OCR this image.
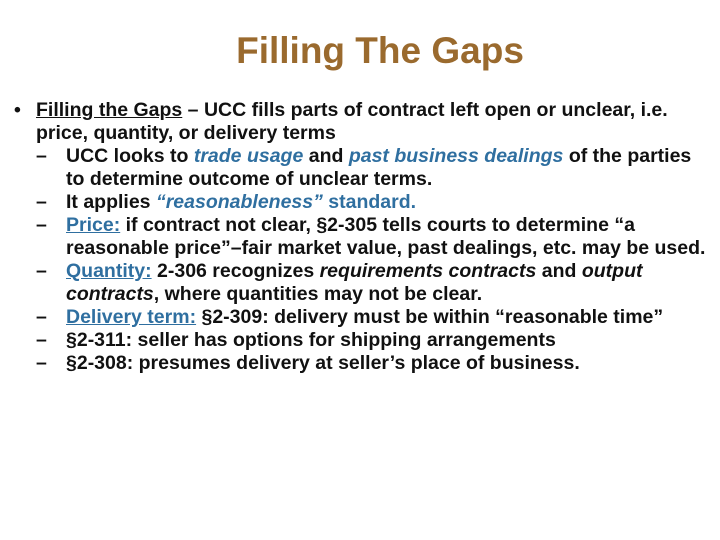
Filling The Gaps

• Filling the Gaps – UCC fills parts of contract left open or unclear, i.e. price, quantity, or delivery terms

– UCC looks to trade usage and past business dealings of the parties to determine outcome of unclear terms.

– It applies “reasonableness” standard.

– Price: if contract not clear, §2-305 tells courts to determine “a reasonable price”–fair market value, past dealings, etc. may be used.

– Quantity: 2-306 recognizes requirements contracts and output contracts, where quantities may not be clear.

– Delivery term: §2-309: delivery must be within “reasonable time”

– §2-311: seller has options for shipping arrangements

– §2-308: presumes delivery at seller’s place of business.
